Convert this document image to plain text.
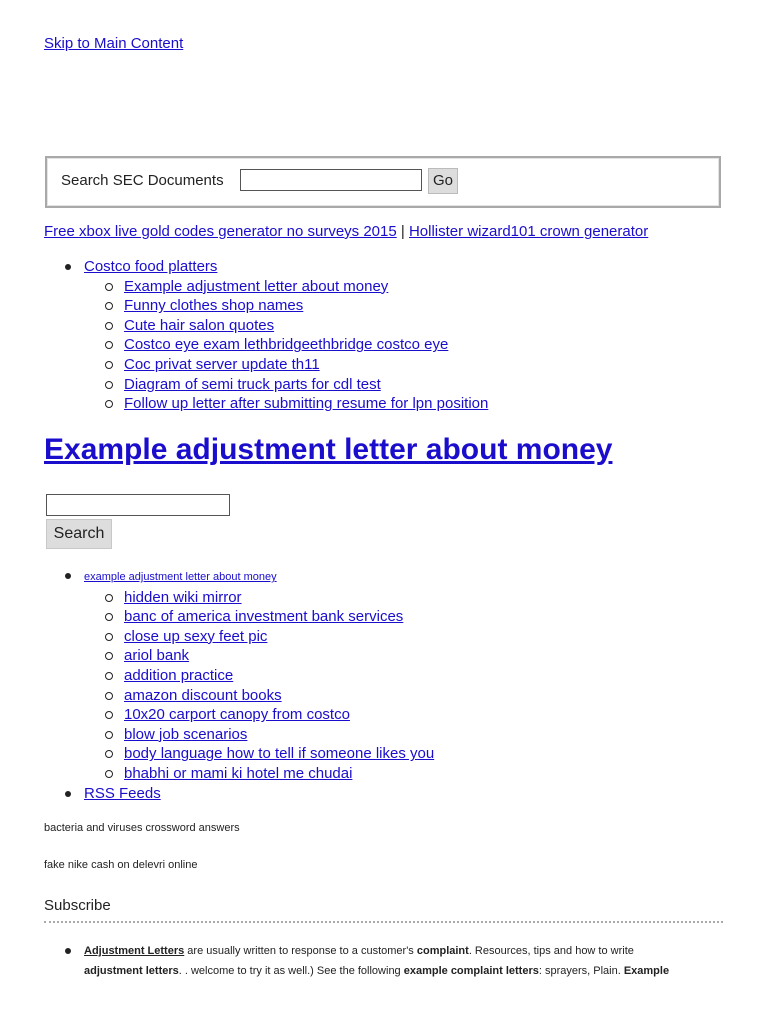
Skip to Main Content
Search SEC Documents	Go
Free xbox live gold codes generator no surveys 2015 | Hollister wizard101 crown generator
Costco food platters
Example adjustment letter about money
Funny clothes shop names
Cute hair salon quotes
Costco eye exam lethbridgeethbridge costco eye
Coc privat server update th11
Diagram of semi truck parts for cdl test
Follow up letter after submitting resume for lpn position
Example adjustment letter about money
Search
example adjustment letter about money
hidden wiki mirror
banc of america investment bank services
close up sexy feet pic
ariol bank
addition practice
amazon discount books
10x20 carport canopy from costco
blow job scenarios
body language how to tell if someone likes you
bhabhi or mami ki hotel me chudai
RSS Feeds
bacteria and viruses crossword answers
fake nike cash on delevri online
Subscribe
Adjustment Letters are usually written to response to a customer's complaint. Resources, tips and how to write
adjustment letters. . welcome to try it as well.) See the following example complaint letters: sprayers, Plain. Example
